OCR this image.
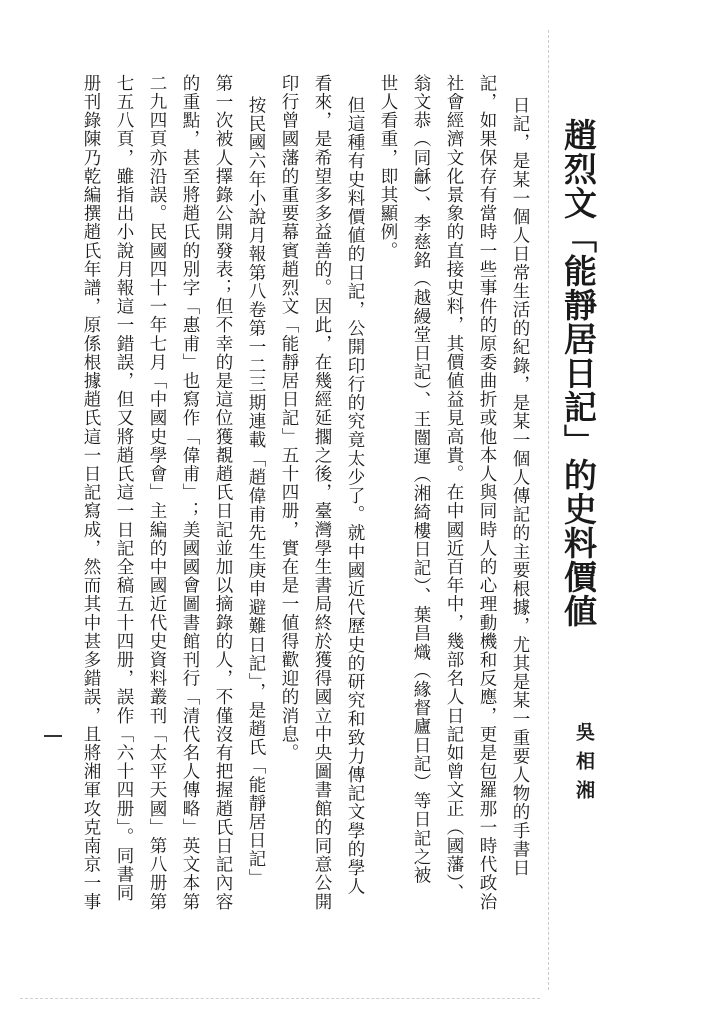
趙烈文「能靜居日記」的史料價値
吳相湘
日記，是某一個人日常生活的紀錄，是某一個人傳記的主要根據，尤其是某一重要人物的手書日
記，如果保存有當時一些事件的原委曲折或他本人與同時人的心理動機和反應，更是包羅那一時代政治
社會經濟文化景象的直接史料，其價値益見高貴。在中國近百年中，幾部名人日記如曾文正（國藩）、
翁文恭（同龢）、李慈銘（越縵堂日記）、王闓運（湘綺樓日記）、葉昌熾（緣督廬日記）等日記之被
世人看重，即其顯例。
但這種有史料價値的日記，公開印行的究竟太少了。就中國近代歷史的研究和致力傳記文學的學人
看來，是希望多多益善的。因此，在幾經延擱之後，臺灣學生書局終於獲得國立中央圖書館的同意公開
印行曾國藩的重要幕賓趙烈文「能靜居日記」五十四册，實在是一値得歡迎的消息。
按民國六年小說月報第八卷第一二三期連載「趙偉甫先生庚申避難日記」，是趙氏「能靜居日記」
第一次被人擇錄公開發表；但不幸的是這位獲覩趙氏日記並加以摘錄的人，不僅沒有把握趙氏日記內容
的重點，甚至將趙氏的別字「惠甫」也寫作「偉甫」；美國國會圖書館刊行「清代名人傳略」英文本第
二九四頁亦沿誤。民國四十一年七月「中國史學會」主編的中國近代史資料叢刊「太平天國」第八册第
七五八頁，雖指出小說月報這一錯誤，但又將趙氏這一日記全稿五十四册，誤作「六十四册」。同書同
册刊錄陳乃乾編撰趙氏年譜，原係根據趙氏這一日記寫成，然而其中甚多錯誤，且將湘軍攻克南京一事
